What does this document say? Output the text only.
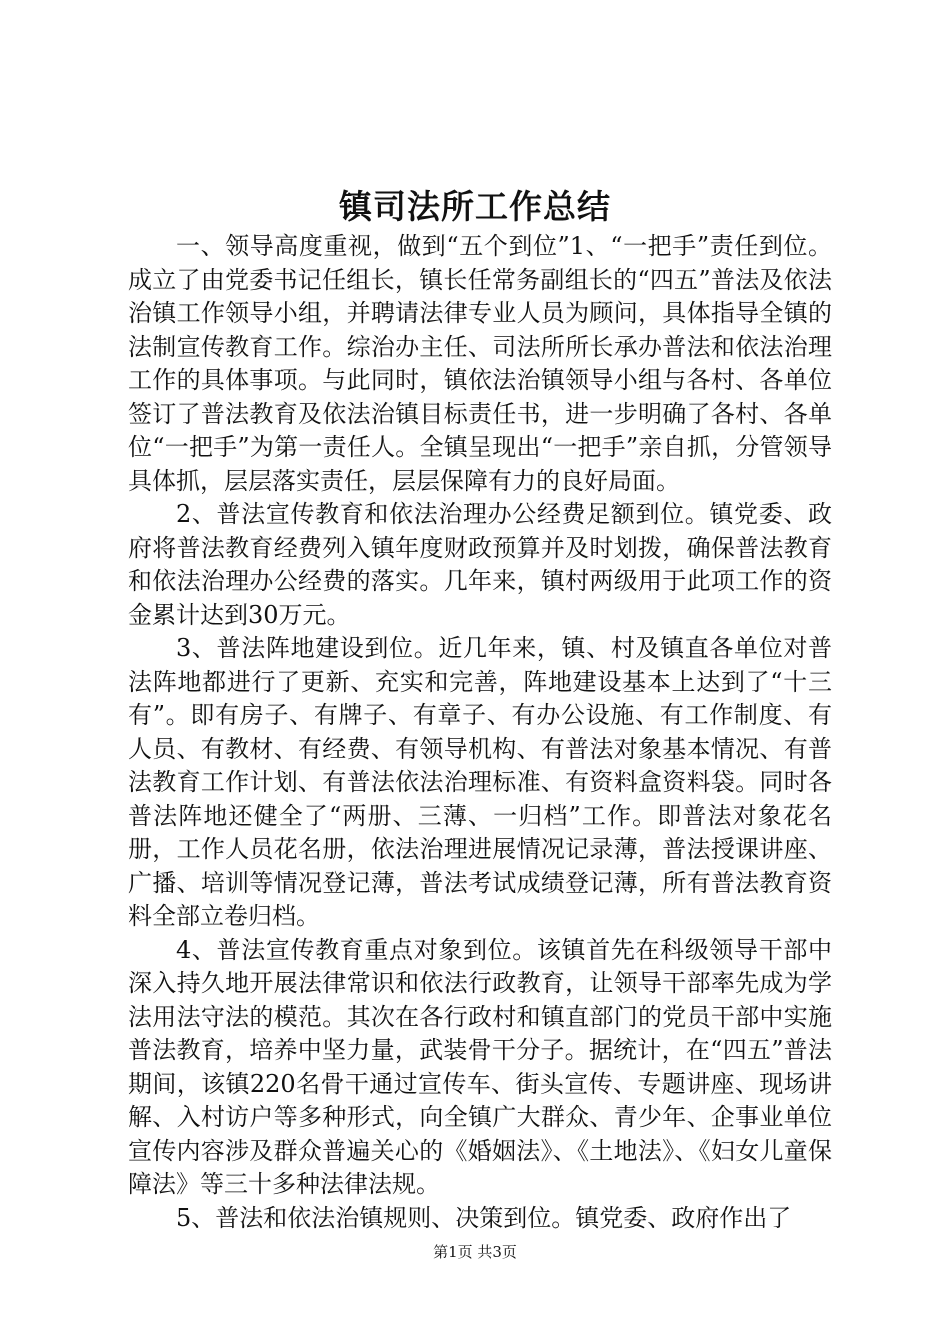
镇司法所工作总结

一、领导高度重视，做到“五个到位”1、“一把手”责任到位。成立了由党委书记任组长，镇长任常务副组长的“四五”普法及依法治镇工作领导小组，并聘请法律专业人员为顾问，具体指导全镇的法制宣传教育工作。综治办主任、司法所所长承办普法和依法治理工作的具体事项。与此同时，镇依法治镇领导小组与各村、各单位签订了普法教育及依法治镇目标责任书，进一步明确了各村、各单位“一把手”为第一责任人。全镇呈现出“一把手”亲自抓，分管领导具体抓，层层落实责任，层层保障有力的良好局面。

2、普法宣传教育和依法治理办公经费足额到位。镇党委、政府将普法教育经费列入镇年度财政预算并及时划拨，确保普法教育和依法治理办公经费的落实。几年来，镇村两级用于此项工作的资金累计达到30万元。

3、普法阵地建设到位。近几年来，镇、村及镇直各单位对普法阵地都进行了更新、充实和完善，阵地建设基本上达到了“十三有”。即有房子、有牌子、有章子、有办公设施、有工作制度、有人员、有教材、有经费、有领导机构、有普法对象基本情况、有普法教育工作计划、有普法依法治理标准、有资料盒资料袋。同时各普法阵地还健全了“两册、三薄、一归档”工作。即普法对象花名册，工作人员花名册，依法治理进展情况记录薄，普法授课讲座、广播、培训等情况登记薄，普法考试成绩登记薄，所有普法教育资料全部立卷归档。

4、普法宣传教育重点对象到位。该镇首先在科级领导干部中深入持久地开展法律常识和依法行政教育，让领导干部率先成为学法用法守法的模范。其次在各行政村和镇直部门的党员干部中实施普法教育，培养中坚力量，武装骨干分子。据统计，在“四五”普法期间，该镇220名骨干通过宣传车、街头宣传、专题讲座、现场讲解、入村访户等多种形式，向全镇广大群众、青少年、企事业单位宣传内容涉及群众普遍关心的《婚姻法》、《土地法》、《妇女儿童保障法》等三十多种法律法规。

5、普法和依法治镇规则、决策到位。镇党委、政府作出了

第1页 共3页
